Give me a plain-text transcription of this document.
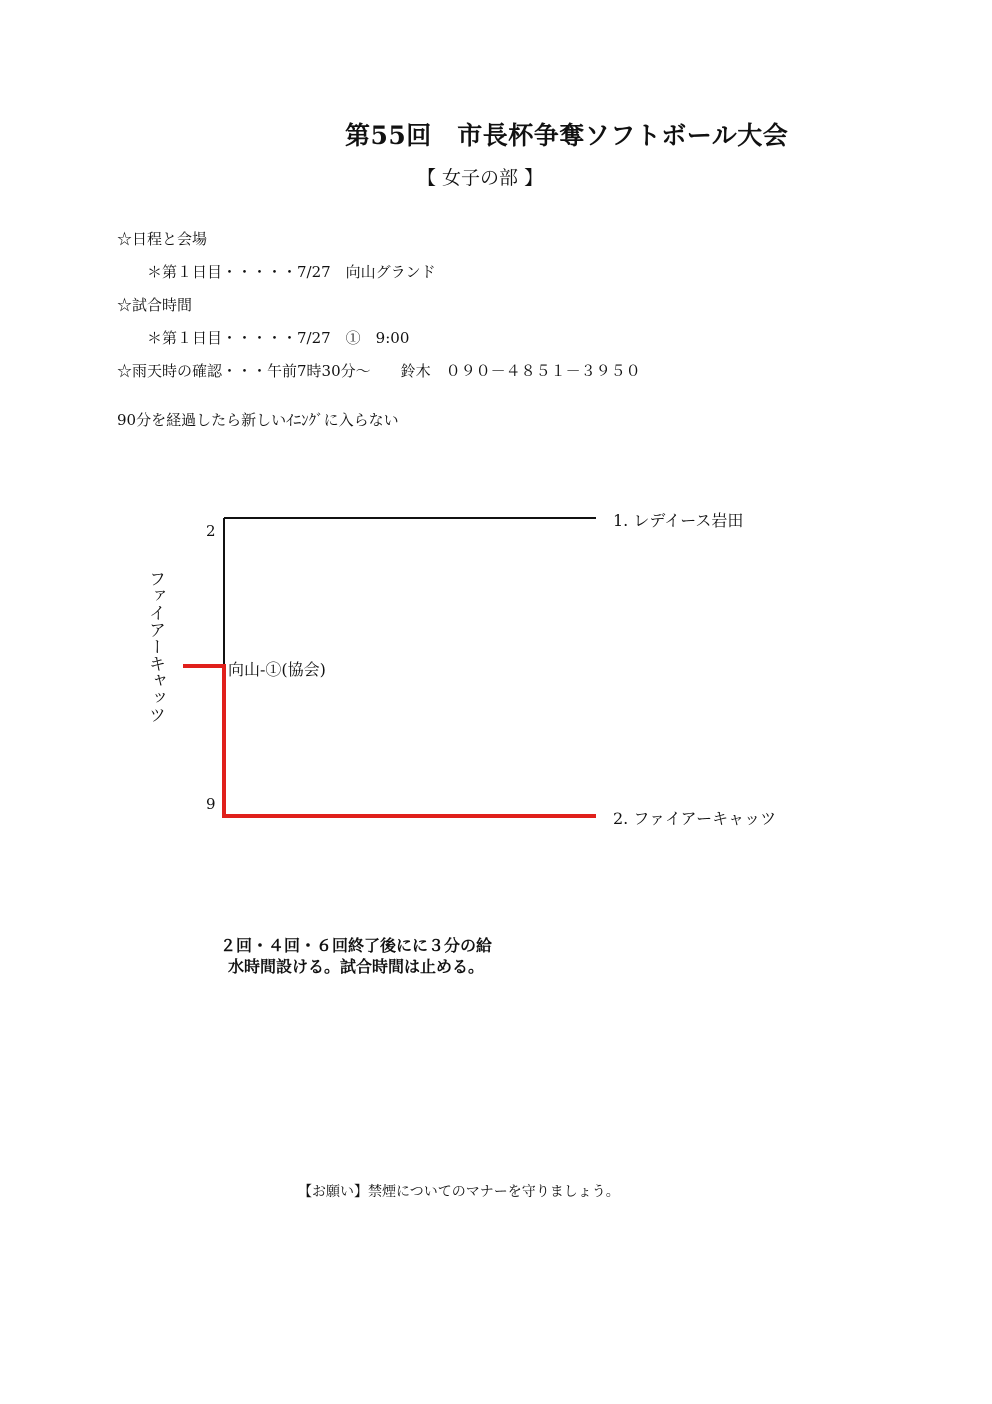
第55回　市長杯争奪ソフトボール大会
【 女子の部 】
☆日程と会場
＊第１日目・・・・・7/27　向山グランド
☆試合時間
＊第１日目・・・・・7/27　①　9:00
☆雨天時の確認・・・午前7時30分～　　鈴木　０９０－４８５１－３９５０
90分を経過したら新しいｲﾆﾝｸﾞに入らない
1. レデイース岩田
2. ファイアーキャッツ
2
9
向山-①(協会)
ファイアーキャッツ
２回・４回・６回終了後にに３分の給水時間設ける。試合時間は止める。
【お願い】禁煙についてのマナーを守りましょう。
